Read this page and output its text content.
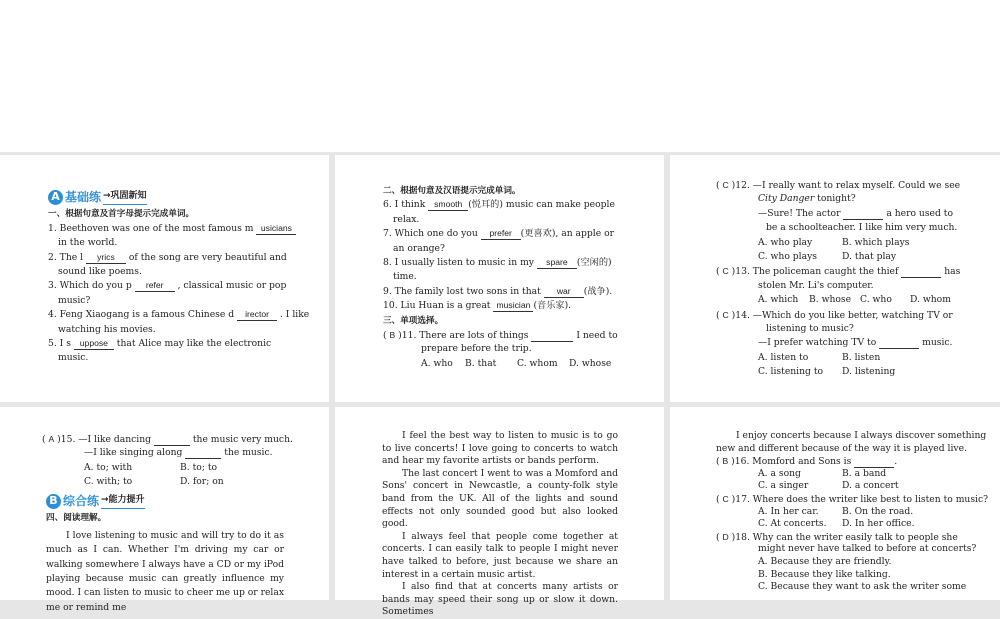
A 基础练 →巩固新知
一、根据句意及首字母提示完成单词。
1. Beethoven was one of the most famous m usicians
in the world.
2. The l yrics of the song are very beautiful and
sound like poems.
3. Which do you p refer , classical music or pop
music?
4. Feng Xiaogang is a famous Chinese d irector . I like
watching his movies.
5. I s uppose that Alice may like the electronic
music.
二、根据句意及汉语提示完成单词。
6. I think smooth (悦耳的) music can make people
relax.
7. Which one do you prefer (更喜欢), an apple or
an orange?
8. I usually listen to music in my spare (空闲的)
time.
9. The family lost two sons in that war (战争).
10. Liu Huan is a great musician (音乐家).
三、单项选择。
( B )11. There are lots of things	I need to
prepare before the trip.
A. who	B. that	C. whom	D. whose
( C )12. —I really want to relax myself. Could we see
City Danger tonight?
—Sure! The actor	a hero used to
be a schoolteacher. I like him very much.
A. who play	B. which plays
C. who plays	D. that play
( C )13. The policeman caught the thief	has
stolen Mr. Li's computer.
A. which	B. whose C. who	D. whom
( C )14. —Which do you like better, watching TV or
listening to music?
—I prefer watching TV to	music.
A. listen to	B. listen
C. listening to	D. listening
( A )15. —I like dancing	the music very much.
—I like singing along	the music.
A. to; with	B. to; to
C. with; to	D. for; on
B 综合练 →能力提升
四、阅读理解。
I love listening to music and will try to do it as much as I can. Whether I'm driving my car or walking somewhere I always have a CD or my iPod playing because music can greatly influence my mood. I can listen to music to cheer me up or relax me or remind me
I feel the best way to listen to music is to go to live concerts! I love going to concerts to watch and hear my favorite artists or bands perform.
The last concert I went to was a Momford and Sons' concert in Newcastle, a county-folk style band from the UK. All of the lights and sound effects not only sounded good but also looked good.
I always feel that people come together at concerts. I can easily talk to people I might never have talked to before, just because we share an interest in a certain music artist.
I also find that at concerts many artists or bands may speed their song up or slow it down. Sometimes
I enjoy concerts because I always discover something
new and different because of the way it is played live.
( B )16. Momford and Sons is	.
A. a song	B. a band
C. a singer	D. a concert
( C )17. Where does the writer like best to listen to music?
A. In her car.	B. On the road.
C. At concerts.	D. In her office.
( D )18. Why can the writer easily talk to people she
might never have talked to before at concerts?
A. Because they are friendly.
B. Because they like talking.
C. Because they want to ask the writer some
